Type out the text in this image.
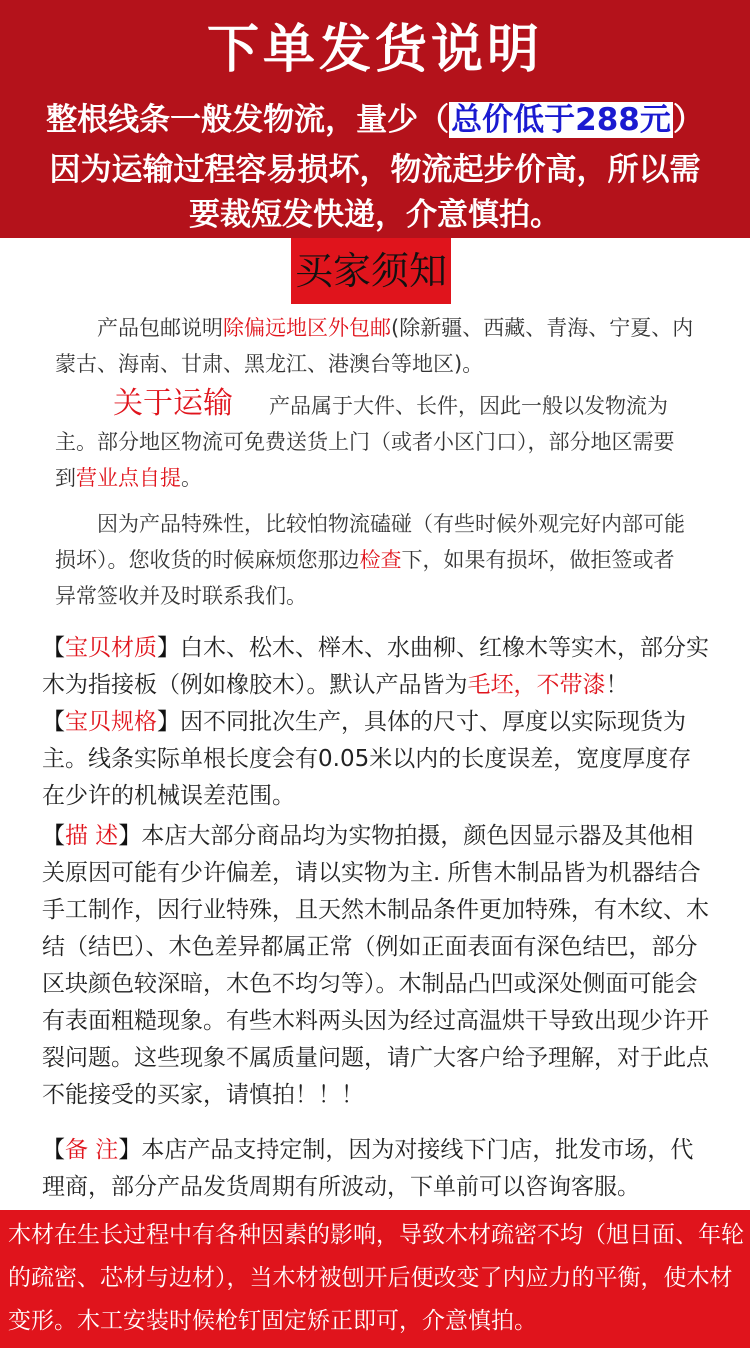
下单发货说明
整根线条一般发物流，量少（总价低于288元）
因为运输过程容易损坏，物流起步价高，所以需
要裁短发快递，介意慎拍。
买家须知
产品包邮说明除偏远地区外包邮(除新疆、西藏、青海、宁夏、内蒙古、海南、甘肃、黑龙江、港澳台等地区)。
关于运输 产品属于大件、长件，因此一般以发物流为主。部分地区物流可免费送货上门（或者小区门口），部分地区需要到营业点自提。
因为产品特殊性，比较怕物流磕碰（有些时候外观完好内部可能损坏）。您收货的时候麻烦您那边检查下，如果有损坏，做拒签或者异常签收并及时联系我们。
【宝贝材质】白木、松木、榉木、水曲柳、红橡木等实木，部分实木为指接板（例如橡胶木）。默认产品皆为毛坯，不带漆！
【宝贝规格】因不同批次生产，具体的尺寸、厚度以实际现货为主。线条实际单根长度会有0.05米以内的长度误差，宽度厚度存在少许的机械误差范围。
【描 述】本店大部分商品均为实物拍摄，颜色因显示器及其他相关原因可能有少许偏差，请以实物为主. 所售木制品皆为机器结合手工制作，因行业特殊，且天然木制品条件更加特殊，有木纹、木结（结巴）、木色差异都属正常（例如正面表面有深色结巴，部分区块颜色较深暗，木色不均匀等）。木制品凸凹或深处侧面可能会有表面粗糙现象。有些木料两头因为经过高温烘干导致出现少许开裂问题。这些现象不属质量问题，请广大客户给予理解，对于此点不能接受的买家，请慎拍！！！
【备 注】本店产品支持定制，因为对接线下门店，批发市场，代理商，部分产品发货周期有所波动，下单前可以咨询客服。
木材在生长过程中有各种因素的影响，导致木材疏密不均（旭日面、年轮的疏密、芯材与边材），当木材被刨开后便改变了内应力的平衡，使木材变形。木工安装时候枪钉固定矫正即可，介意慎拍。
